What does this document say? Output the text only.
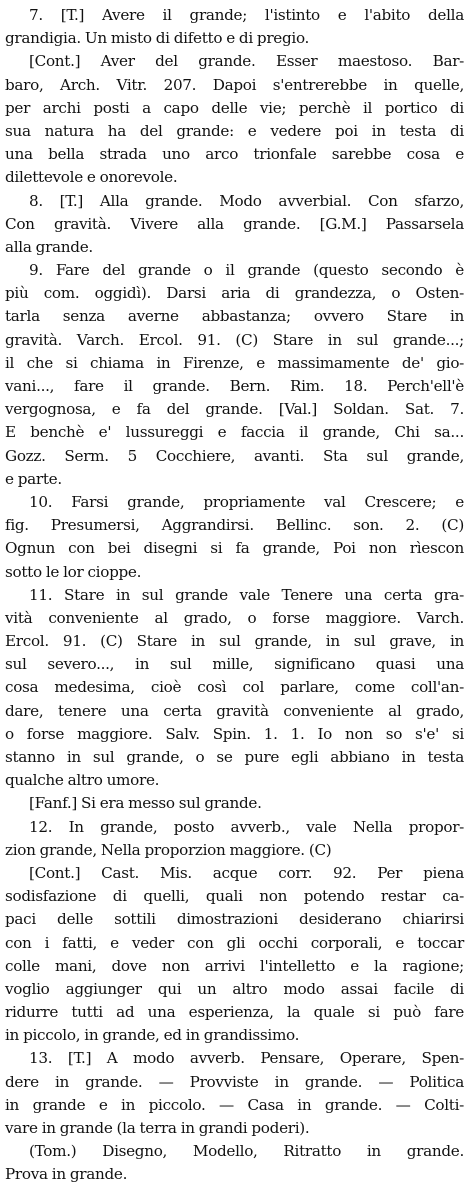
7. [T.] Avere il grande; l'istinto e l'abito della
grandigia. Un misto di difetto e di pregio.
[Cont.] Aver del grande. Esser maestoso. Bar-
baro, Arch. Vitr. 207. Dapoi s'entrerebbe in quelle,
per archi posti a capo delle vie; perchè il portico di
sua natura ha del grande: e vedere poi in testa di
una bella strada uno arco trionfale sarebbe cosa e
dilettevole e onorevole.
8. [T.] Alla grande. Modo avverbial. Con sfarzo,
Con gravità. Vivere alla grande. [G.M.] Passarsela
alla grande.
9. Fare del grande o il grande (questo secondo è
più com. oggidì). Darsi aria di grandezza, o Osten-
tarla senza averne abbastanza; ovvero Stare in
gravità. Varch. Ercol. 91. (C) Stare in sul grande...;
il che si chiama in Firenze, e massimamente de' gio-
vani..., fare il grande. Bern. Rim. 18. Perch'ell'è
vergognosa, e fa del grande. [Val.] Soldan. Sat. 7.
E benchè e' lussureggi e faccia il grande, Chi sa...
Gozz. Serm. 5 Cocchiere, avanti. Sta sul grande,
e parte.
10. Farsi grande, propriamente val Crescere; e
fig. Presumersi, Aggrandirsi. Bellinc. son. 2. (C)
Ognun con bei disegni si fa grande, Poi non rìescon
sotto le lor cioppe.
11. Stare in sul grande vale Tenere una certa gra-
vità conveniente al grado, o forse maggiore. Varch.
Ercol. 91. (C) Stare in sul grande, in sul grave, in
sul severo..., in sul mille, significano quasi una
cosa medesima, cioè così col parlare, come coll'an-
dare, tenere una certa gravità conveniente al grado,
o forse maggiore. Salv. Spin. 1. 1. Io non so s'e' si
stanno in sul grande, o se pure egli abbiano in testa
qualche altro umore.
[Fanf.] Si era messo sul grande.
12. In grande, posto avverb., vale Nella propor-
zion grande, Nella proporzion maggiore. (C)
[Cont.] Cast. Mis. acque corr. 92. Per piena
sodisfazione di quelli, quali non potendo restar ca-
paci delle sottili dimostrazioni desiderano chiarirsi
con i fatti, e veder con gli occhi corporali, e toccar
colle mani, dove non arrivi l'intelletto e la ragione;
voglio aggiunger qui un altro modo assai facile di
ridurre tutti ad una esperienza, la quale si può fare
in piccolo, in grande, ed in grandissimo.
13. [T.] A modo avverb. Pensare, Operare, Spen-
dere in grande. — Provviste in grande. — Politica
in grande e in piccolo. — Casa in grande. — Colti-
vare in grande (la terra in grandi poderi).
(Tom.) Disegno, Modello, Ritratto in grande.
Prova in grande.
